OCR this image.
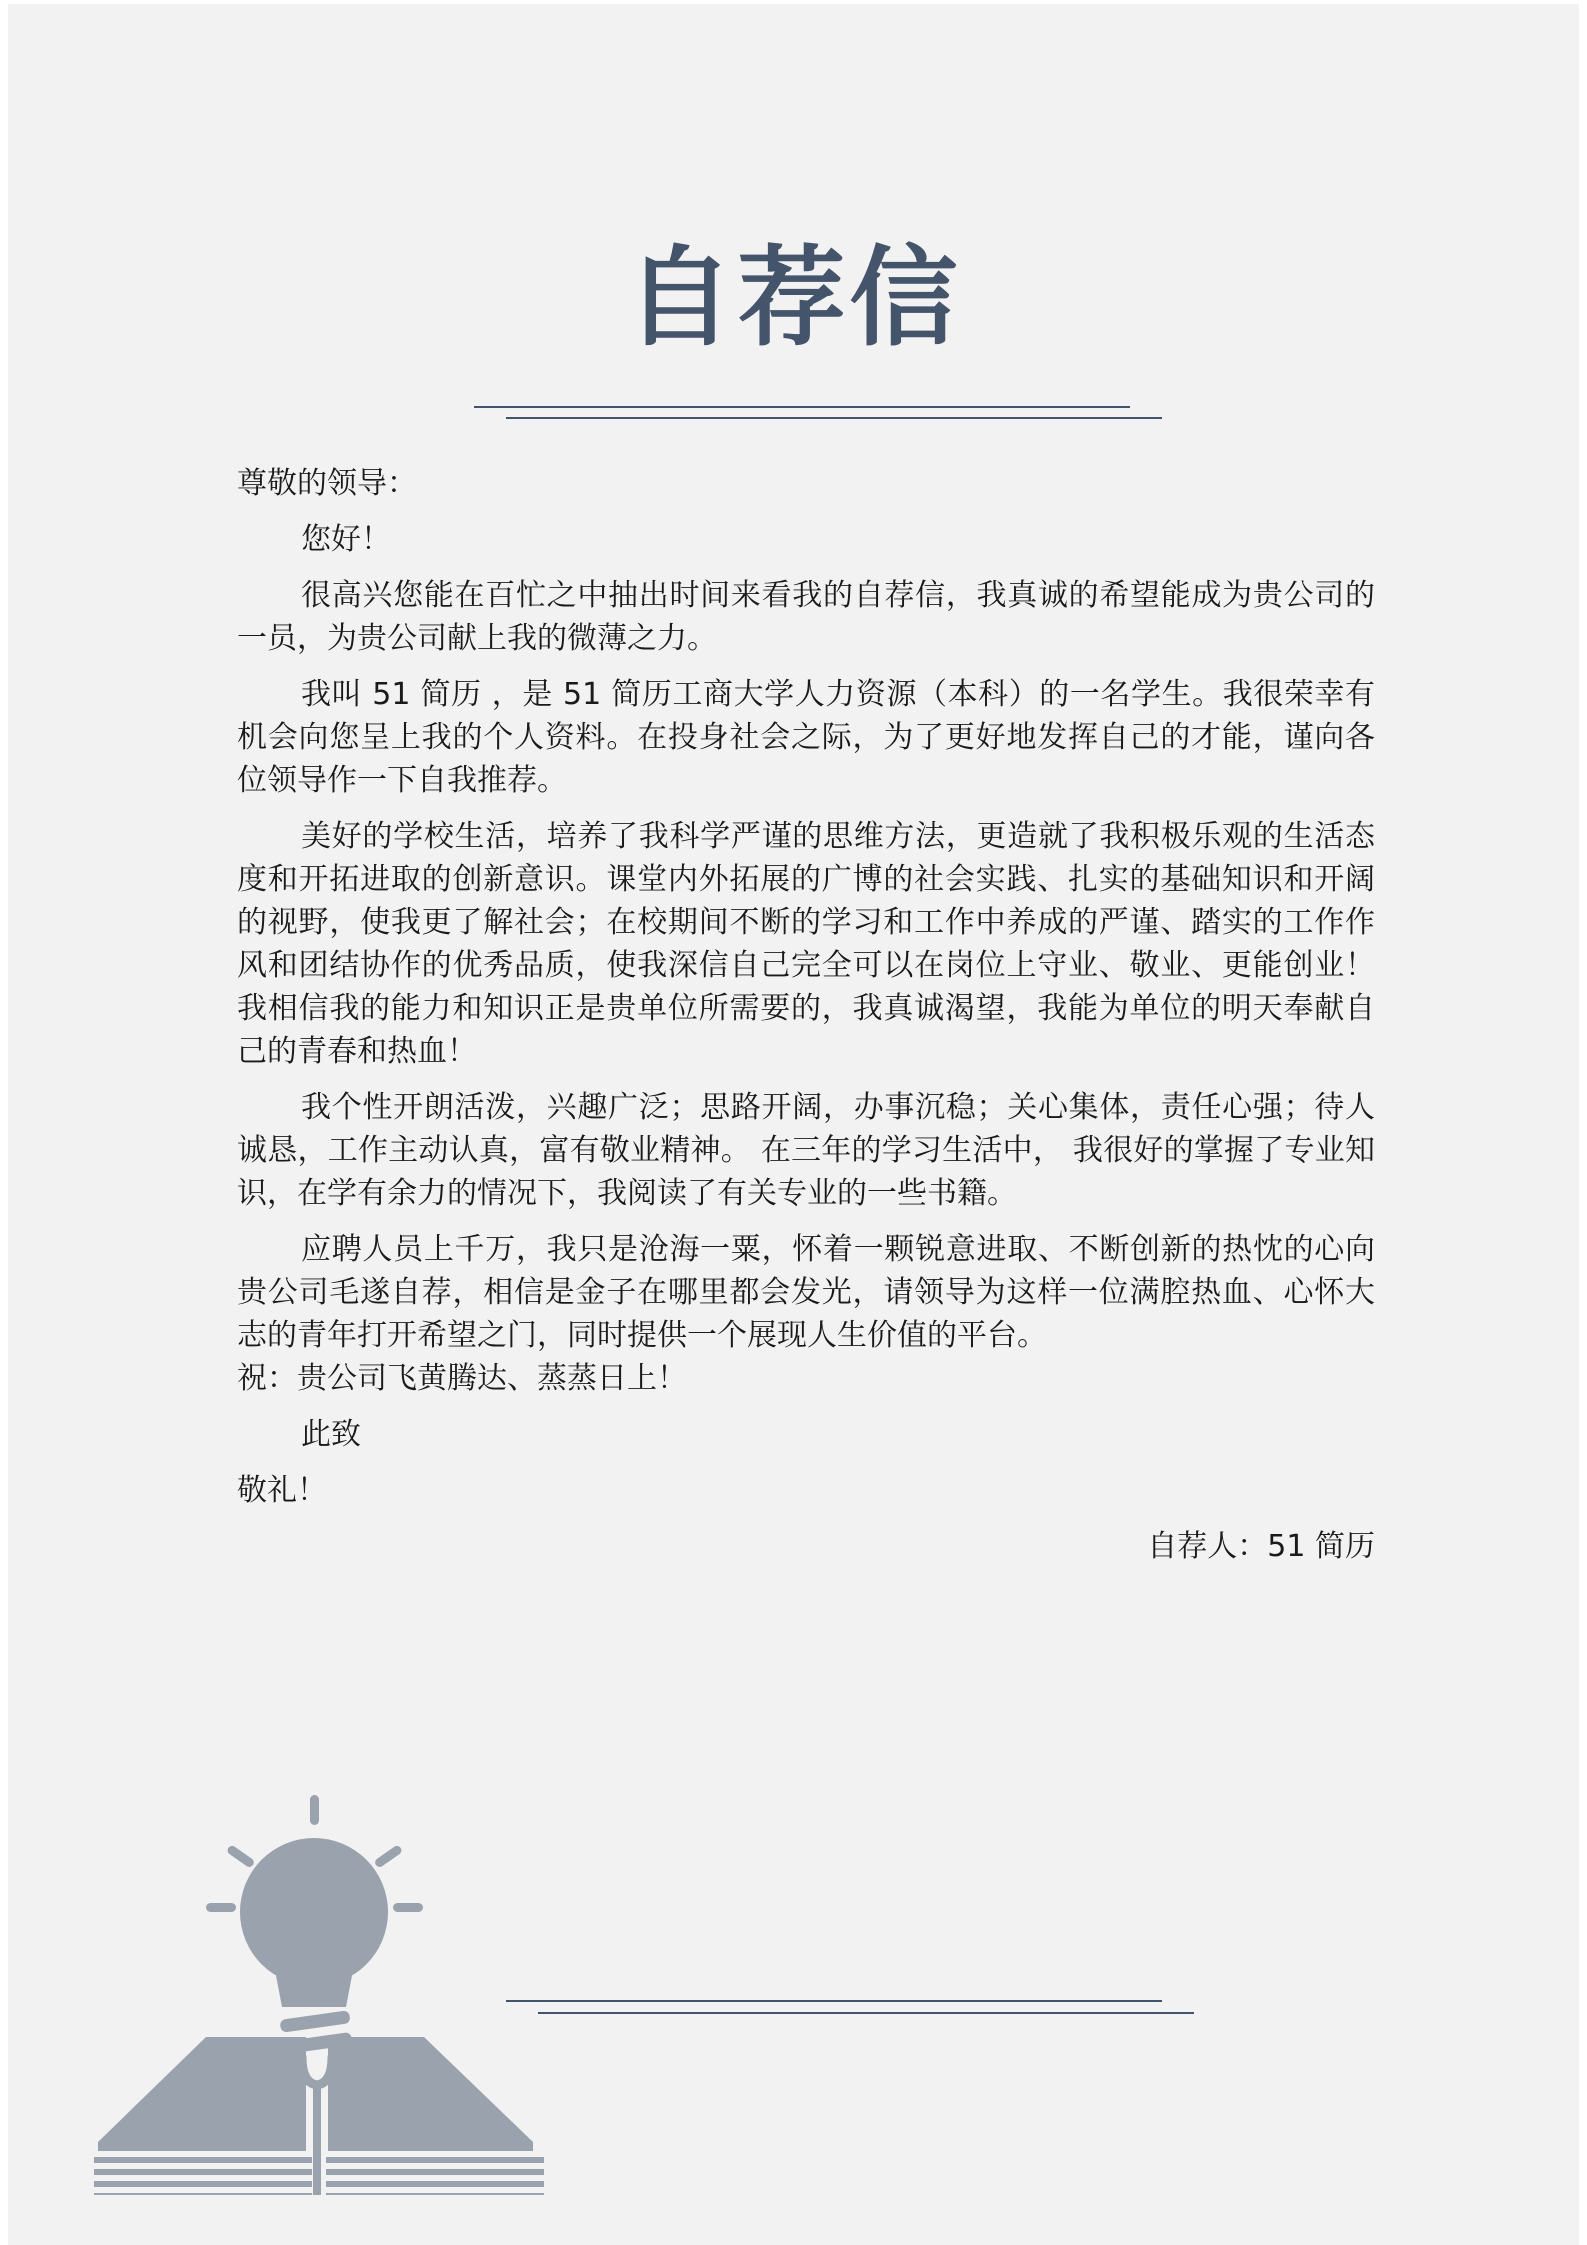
自荐信

尊敬的领导：

您好！

很高兴您能在百忙之中抽出时间来看我的自荐信，我真诚的希望能成为贵公司的一员，为贵公司献上我的微薄之力。

我叫 51 简历 ，是 51 简历工商大学人力资源（本科）的一名学生。我很荣幸有机会向您呈上我的个人资料。在投身社会之际，为了更好地发挥自己的才能，谨向各位领导作一下自我推荐。

美好的学校生活，培养了我科学严谨的思维方法，更造就了我积极乐观的生活态度和开拓进取的创新意识。课堂内外拓展的广博的社会实践、扎实的基础知识和开阔的视野，使我更了解社会；在校期间不断的学习和工作中养成的严谨、踏实的工作作风和团结协作的优秀品质，使我深信自己完全可以在岗位上守业、敬业、更能创业！我相信我的能力和知识正是贵单位所需要的，我真诚渴望，我能为单位的明天奉献自己的青春和热血！

我个性开朗活泼，兴趣广泛；思路开阔，办事沉稳；关心集体，责任心强；待人诚恳，工作主动认真，富有敬业精神。 在三年的学习生活中， 我很好的掌握了专业知识，在学有余力的情况下，我阅读了有关专业的一些书籍。

应聘人员上千万，我只是沧海一粟，怀着一颗锐意进取、不断创新的热忱的心向贵公司毛遂自荐，相信是金子在哪里都会发光，请领导为这样一位满腔热血、心怀大志的青年打开希望之门，同时提供一个展现人生价值的平台。

祝：贵公司飞黄腾达、蒸蒸日上！

此致

敬礼！

自荐人：51 简历
